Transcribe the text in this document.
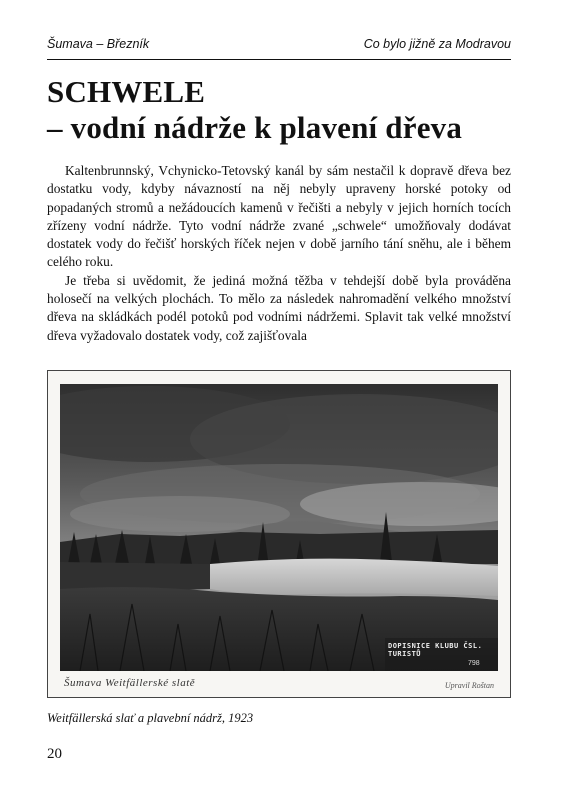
Šumava – Březník	Co bylo jižně za Modravou
SCHWELE
– vodní nádrže k plavení dřeva

Kaltenbrunnský, Vchynicko-Tetovský kanál by sám nestačil k dopravě dřeva bez dostatku vody, kdyby návazností na něj nebyly upraveny horské potoky od popadaných stromů a nežádoucích kamenů v řečišti a nebyly v jejich horních tocích zřízeny vodní nádrže. Tyto vodní nádrže zvané „schwele“ umožňovaly dodávat dostatek vody do řečišť horských říček nejen v době jarního tání sněhu, ale i během celého roku.

Je třeba si uvědomit, že jediná možná těžba v tehdejší době byla prováděna holosečí na velkých plochách. To mělo za následek nahromadění velkého množství dřeva na skládkách podél potoků pod vodními nádržemi. Splavit tak velké množství dřeva vyžadovalo dostatek vody, což zajišťovala

DOPISNICE KLUBU ČSL. TURISTŮ
798
Šumava Weitfällerské slatě	Upravil Roštan
Weitfällerská slať a plavební nádrž, 1923
20
